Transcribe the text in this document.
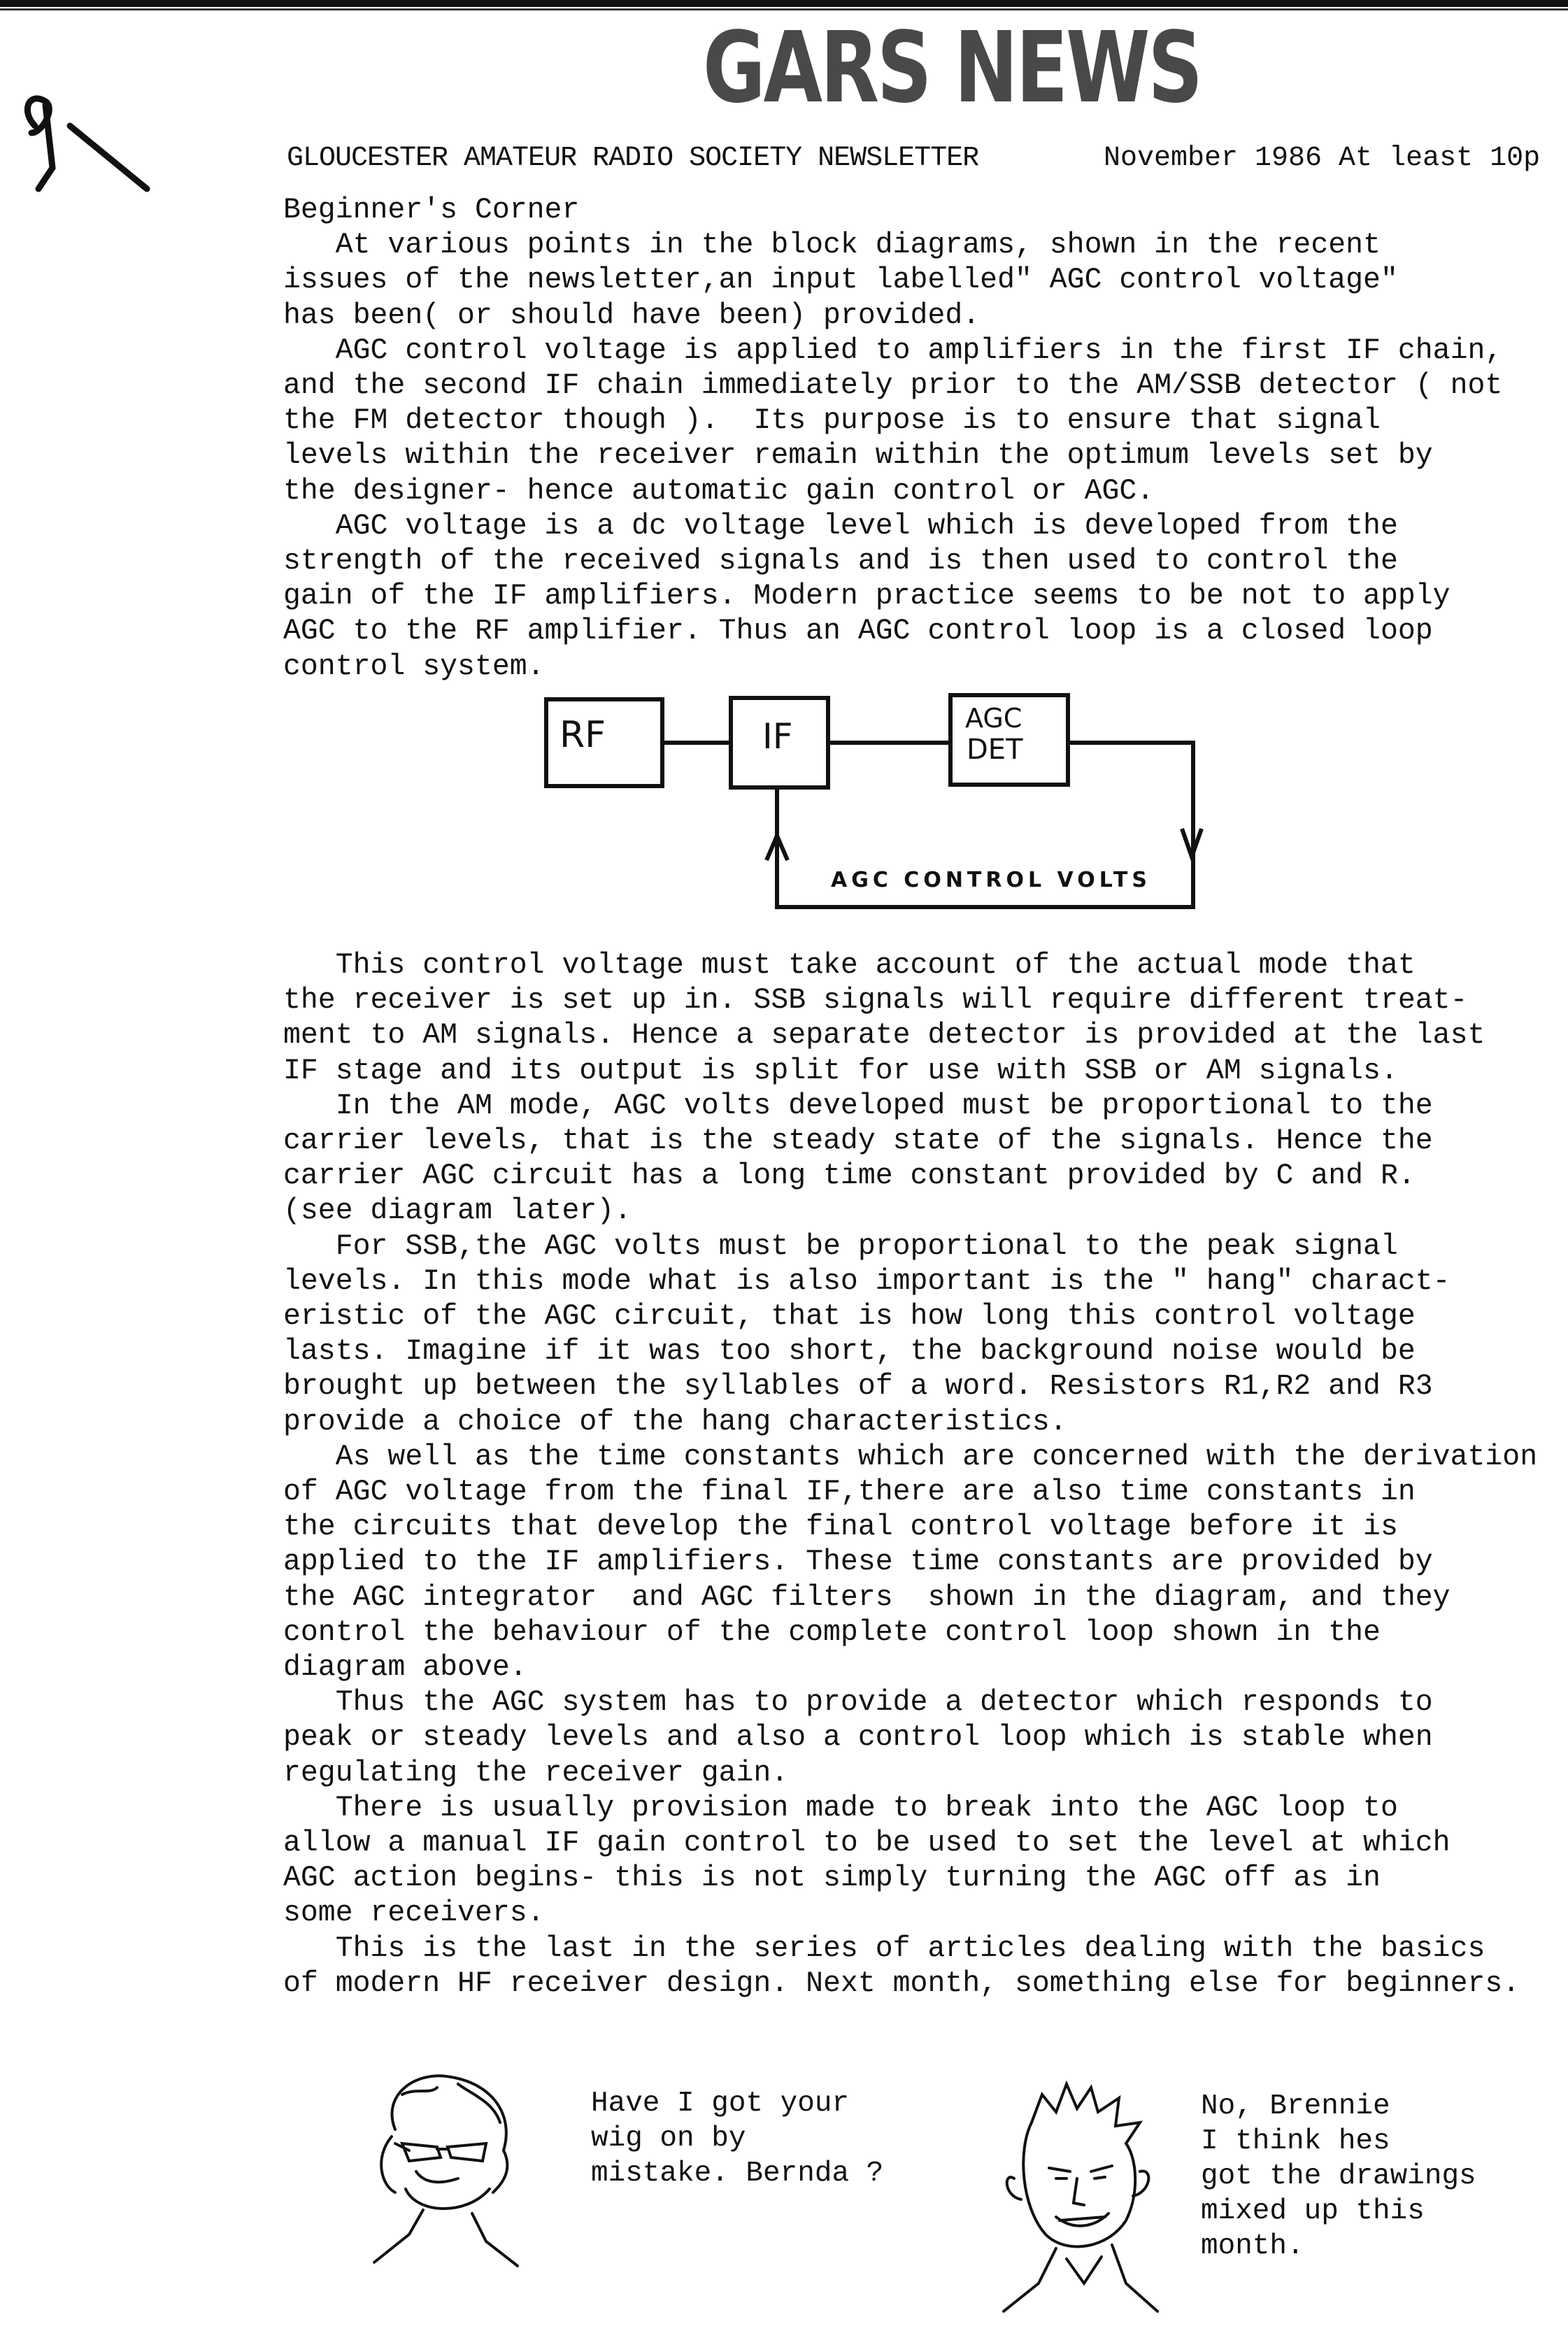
GARS NEWS
GLOUCESTER AMATEUR RADIO SOCIETY NEWSLETTER	November 1986 At least 10p
Beginner's Corner
At various points in the block diagrams, shown in the recent
issues of the newsletter,an input labelled" AGC control voltage"
has been( or should have been) provided.
AGC control voltage is applied to amplifiers in the first IF chain,
and the second IF chain immediately prior to the AM/SSB detector ( not
the FM detector though ).  Its purpose is to ensure that signal
levels within the receiver remain within the optimum levels set by
the designer- hence automatic gain control or AGC.
AGC voltage is a dc voltage level which is developed from the
strength of the received signals and is then used to control the
gain of the IF amplifiers. Modern practice seems to be not to apply
AGC to the RF amplifier. Thus an AGC control loop is a closed loop
control system.
RF	IF	AGC
DET
AGC CONTROL VOLTS
This control voltage must take account of the actual mode that
the receiver is set up in. SSB signals will require different treat-
ment to AM signals. Hence a separate detector is provided at the last
IF stage and its output is split for use with SSB or AM signals.
In the AM mode, AGC volts developed must be proportional to the
carrier levels, that is the steady state of the signals. Hence the
carrier AGC circuit has a long time constant provided by C and R.
(see diagram later).
For SSB,the AGC volts must be proportional to the peak signal
levels. In this mode what is also important is the " hang" charact-
eristic of the AGC circuit, that is how long this control voltage
lasts. Imagine if it was too short, the background noise would be
brought up between the syllables of a word. Resistors R1,R2 and R3
provide a choice of the hang characteristics.
As well as the time constants which are concerned with the derivation
of AGC voltage from the final IF,there are also time constants in
the circuits that develop the final control voltage before it is
applied to the IF amplifiers. These time constants are provided by
the AGC integrator  and AGC filters  shown in the diagram, and they
control the behaviour of the complete control loop shown in the
diagram above.
Thus the AGC system has to provide a detector which responds to
peak or steady levels and also a control loop which is stable when
regulating the receiver gain.
There is usually provision made to break into the AGC loop to
allow a manual IF gain control to be used to set the level at which
AGC action begins- this is not simply turning the AGC off as in
some receivers.
This is the last in the series of articles dealing with the basics
of modern HF receiver design. Next month, something else for beginners.
Have I got your
wig on by
mistake. Bernda ?
No, Brennie
I think hes
got the drawings
mixed up this
month.
